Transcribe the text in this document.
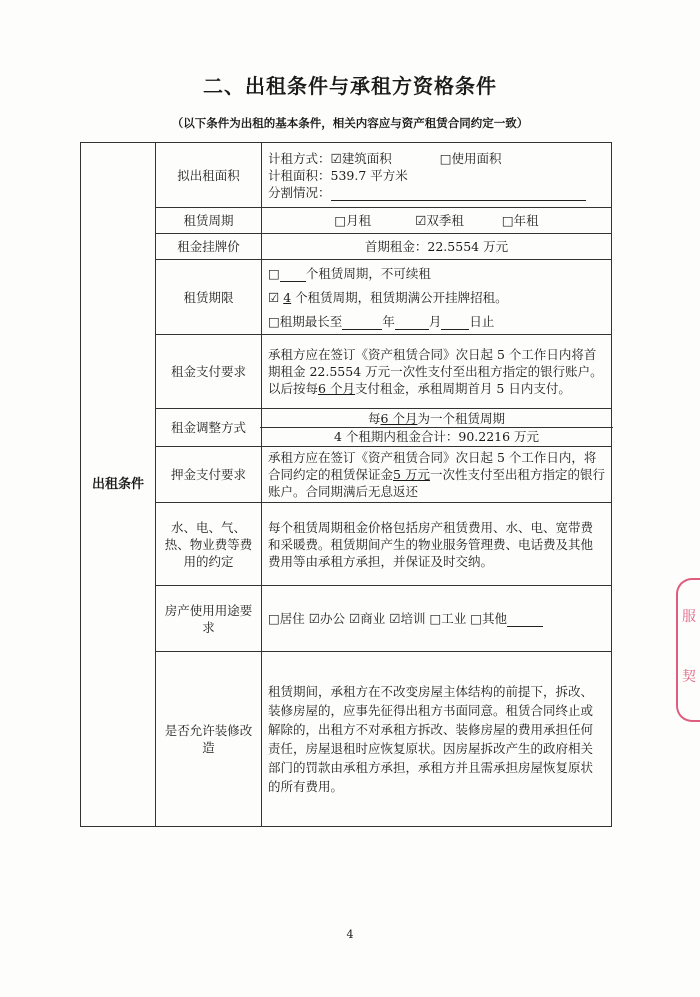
二、出租条件与承租方资格条件
（以下条件为出租的基本条件，相关内容应与资产租赁合同约定一致）
出租条件	拟出租面积	计租方式：☑建筑面积 □使用面积
计租面积：539.7 平方米
分割情况：

	租赁周期	□月租 ☑双季租 □年租
	租金挂牌价	首期租金：22.5554 万元
	租赁期限	□ 个租赁周期，不可续租
☑ 4 个租赁周期，租赁期满公开挂牌招租。
□租期最长至 年 月 日止

	租金支付要求	承租方应在签订《资产租赁合同》次日起 5 个工作日内将首期租金 22.5554 万元一次性支付至出租方指定的银行账户。以后按每6 个月支付租金，承租周期首月 5 日内支付。
	租金调整方式	每6 个月为一个租赁周期
4 个租期内租金合计：90.2216 万元

	押金支付要求	承租方应在签订《资产租赁合同》次日起 5 个工作日内，将合同约定的租赁保证金5 万元一次性支付至出租方指定的银行账户。合同期满后无息返还
	水、电、气、热、物业费等费用的约定	每个租赁周期租金价格包括房产租赁费用、水、电、宽带费和采暖费。租赁期间产生的物业服务管理费、电话费及其他费用等由承租方承担，并保证及时交纳。
	房产使用用途要求	□居住 ☑办公 ☑商业 ☑培训 □工业 □其他
	是否允许装修改造	租赁期间，承租方在不改变房屋主体结构的前提下，拆改、装修房屋的，应事先征得出租方书面同意。租赁合同终止或解除的，出租方不对承租方拆改、装修房屋的费用承担任何责任，房屋退租时应恢复原状。因房屋拆改产生的政府相关部门的罚款由承租方承担，承租方并且需承担房屋恢复原状的所有费用。
服
契
4
